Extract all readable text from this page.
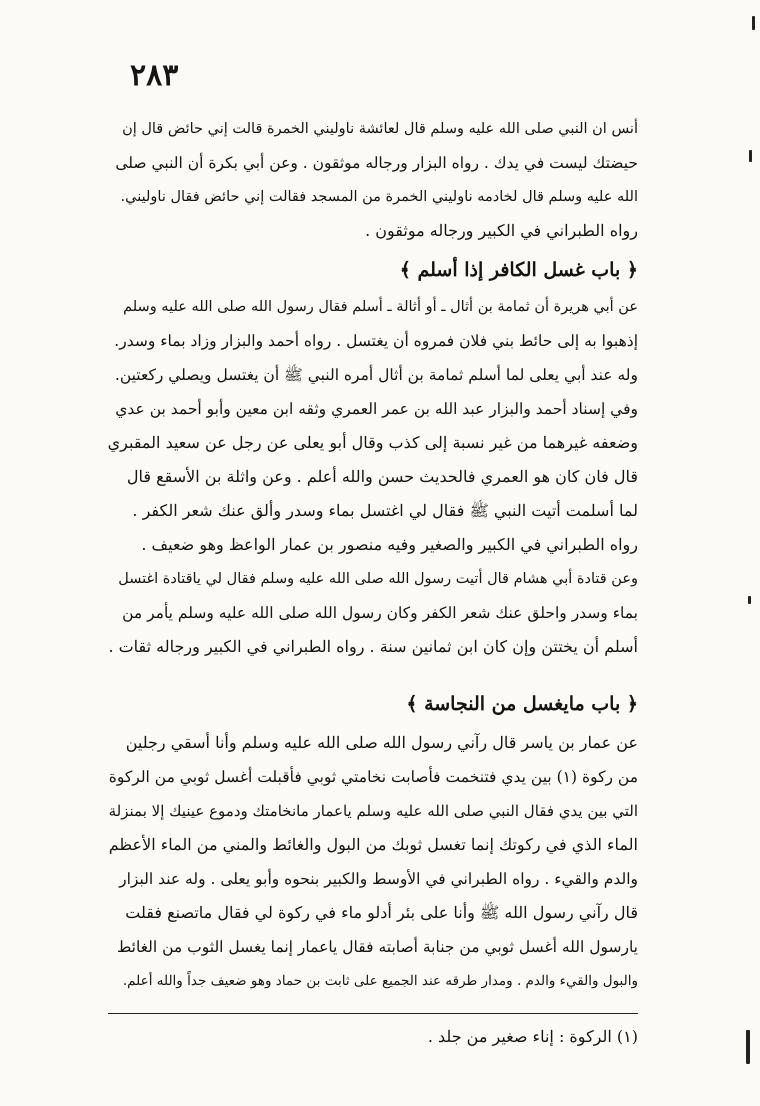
٢٨٣
أنس ان النبي صلى الله عليه وسلم قال لعائشة ناوليني الخمرة قالت إني حائض قال إن
حيضتك ليست في يدك . رواه البزار ورجاله موثقون . وعن أبي بكرة أن النبي صلى
الله عليه وسلم قال لخادمه ناوليني الخمرة من المسجد فقالت إني حائض فقال ناوليني.
رواه الطبراني في الكبير ورجاله موثقون .
﴿ باب غسل الكافر إذا أسلم ﴾
عن أبي هريرة أن ثمامة بن أثال ـ أو أثالة ـ أسلم فقال رسول الله صلى الله عليه وسلم
إذهبوا به إلى حائط بني فلان فمروه أن يغتسل . رواه أحمد والبزار وزاد بماء وسدر.
وله عند أبي يعلى لما أسلم ثمامة بن أثال أمره النبي ﷺ أن يغتسل ويصلي ركعتين.
وفي إسناد أحمد والبزار عبد الله بن عمر العمري وثقه ابن معين وأبو أحمد بن عدي
وضعفه غيرهما من غير نسبة إلى كذب وقال أبو يعلى عن رجل عن سعيد المقبري
قال فان كان هو العمري فالحديث حسن والله أعلم . وعن واثلة بن الأسقع قال
لما أسلمت أتيت النبي ﷺ فقال لي اغتسل بماء وسدر وألق عنك شعر الكفر .
رواه الطبراني في الكبير والصغير وفيه منصور بن عمار الواعظ وهو ضعيف .
وعن قتادة أبي هشام قال أتيت رسول الله صلى الله عليه وسلم فقال لي ياقتادة اغتسل
بماء وسدر واحلق عنك شعر الكفر وكان رسول الله صلى الله عليه وسلم يأمر من
أسلم أن يختتن وإن كان ابن ثمانين سنة . رواه الطبراني في الكبير ورجاله ثقات .
﴿ باب مايغسل من النجاسة ﴾
عن عمار بن ياسر قال رآني رسول الله صلى الله عليه وسلم وأنا أسقي رجلين
من ركوة (١) بين يدي فتنخمت فأصابت نخامتي ثوبي فأقبلت أغسل ثوبي من الركوة
التي بين يدي فقال النبي صلى الله عليه وسلم ياعمار مانخامتك ودموع عينيك إلا بمنزلة
الماء الذي في ركوتك إنما تغسل ثوبك من البول والغائط والمني من الماء الأعظم
والدم والقيء . رواه الطبراني في الأوسط والكبير بنحوه وأبو يعلى . وله عند البزار
قال رآني رسول الله ﷺ وأنا على بئر أدلو ماء في ركوة لي فقال ماتصنع فقلت
يارسول الله أغسل ثوبي من جنابة أصابته فقال ياعمار إنما يغسل الثوب من الغائط
والبول والقيء والدم . ومدار طرقه عند الجميع على ثابت بن حماد وهو ضعيف جداً والله أعلم.
(١) الركوة : إناء صغير من جلد .
